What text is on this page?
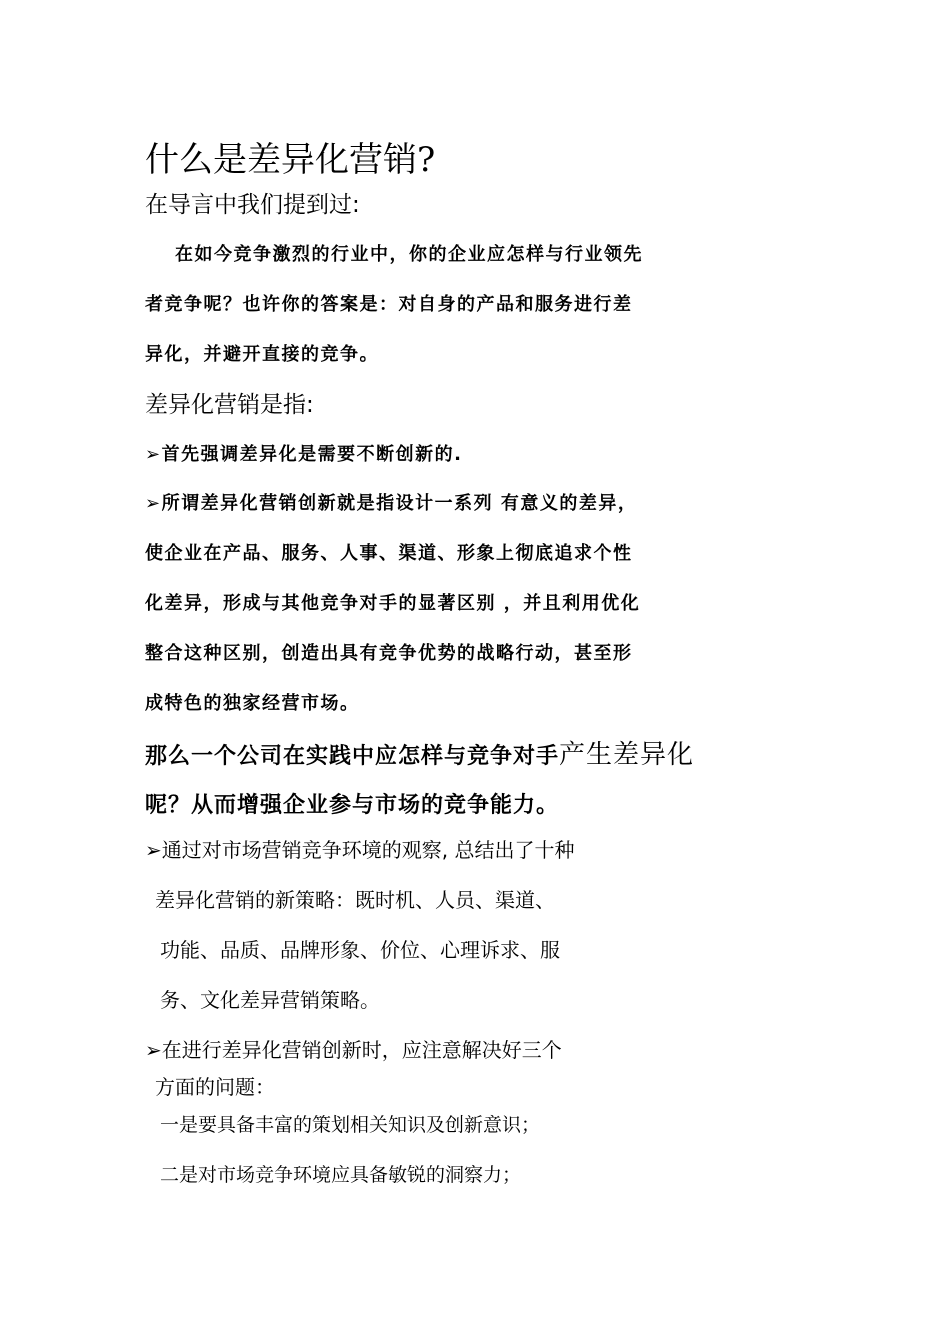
什么是差异化营销?
在导言中我们提到过:
在如今竞争激烈的行业中，你的企业应怎样与行业领先
者竞争呢？也许你的答案是：对自身的产品和服务进行差
异化，并避开直接的竞争。
差异化营销是指:
➢首先强调差异化是需要不断创新的.
➢所谓差异化营销创新就是指设计一系列 有意义的差异，
使企业在产品、服务、人事、渠道、形象上彻底追求个性
化差异，形成与其他竞争对手的显著区别 ，并且利用优化
整合这种区别，创造出具有竞争优势的战略行动，甚至形
成特色的独家经营市场。
那么一个公司在实践中应怎样与竞争对手产生差异化
呢？从而增强企业参与市场的竞争能力。
➢通过对市场营销竞争环境的观察, 总结出了十种
差异化营销的新策略：既时机、人员、渠道、
功能、品质、品牌形象、价位、心理诉求、服
务、文化差异营销策略。
➢在进行差异化营销创新时，应注意解决好三个
方面的问题：
一是要具备丰富的策划相关知识及创新意识；
二是对市场竞争环境应具备敏锐的洞察力；
